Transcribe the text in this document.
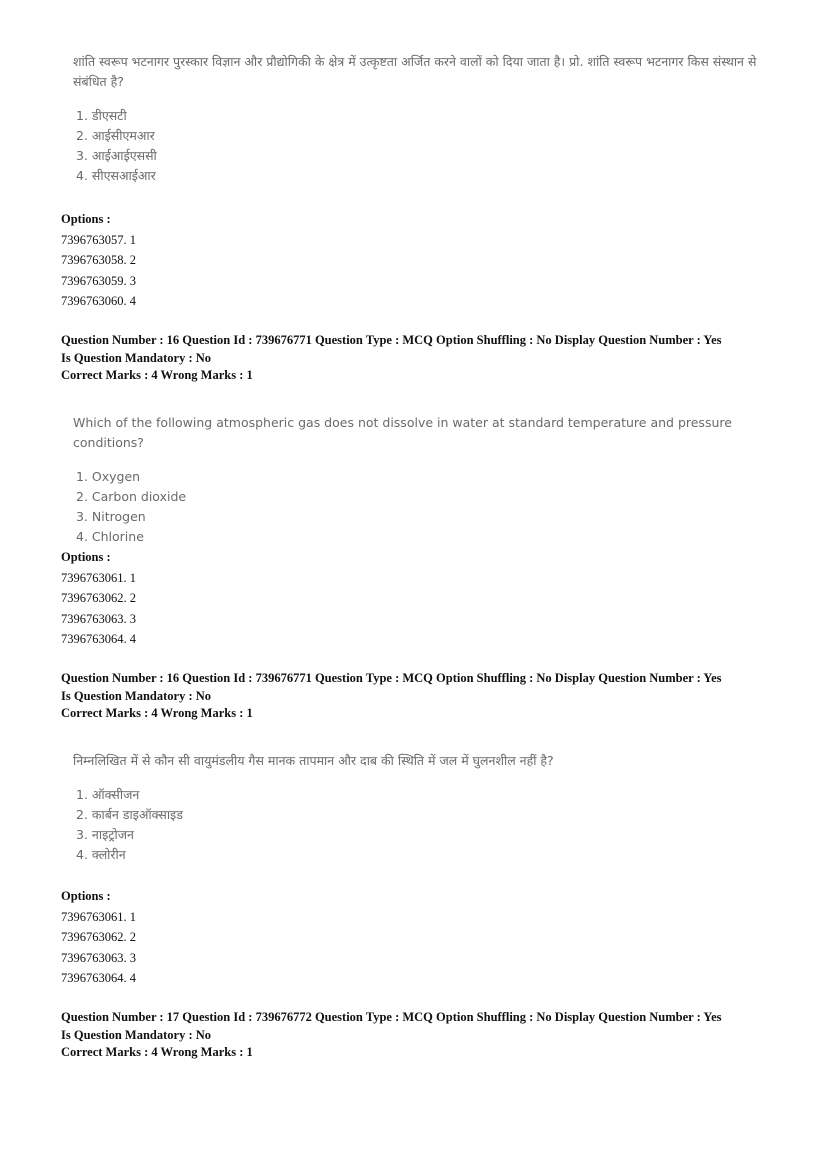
शांति स्वरूप भटनागर पुरस्कार विज्ञान और प्रौद्योगिकी के क्षेत्र में उत्कृष्टता अर्जित करने वालों को दिया जाता है। प्रो. शांति स्वरूप भटनागर किस संस्थान से संबंधित है?

1. डीएसटी
2. आईसीएमआर
3. आईआईएससी
4. सीएसआईआर
Options :
7396763057. 1
7396763058. 2
7396763059. 3
7396763060. 4
Question Number : 16 Question Id : 739676771 Question Type : MCQ Option Shuffling : No Display Question Number : Yes
Is Question Mandatory : No
Correct Marks : 4 Wrong Marks : 1

Which of the following atmospheric gas does not dissolve in water at standard temperature and pressure conditions?

1. Oxygen
2. Carbon dioxide
3. Nitrogen
4. Chlorine
Options :
7396763061. 1
7396763062. 2
7396763063. 3
7396763064. 4
Question Number : 16 Question Id : 739676771 Question Type : MCQ Option Shuffling : No Display Question Number : Yes
Is Question Mandatory : No
Correct Marks : 4 Wrong Marks : 1

निम्नलिखित में से कौन सी वायुमंडलीय गैस मानक तापमान और दाब की स्थिति में जल में घुलनशील नहीं है?

1. ऑक्सीजन
2. कार्बन डाइऑक्साइड
3. नाइट्रोजन
4. क्लोरीन
Options :
7396763061. 1
7396763062. 2
7396763063. 3
7396763064. 4
Question Number : 17 Question Id : 739676772 Question Type : MCQ Option Shuffling : No Display Question Number : Yes
Is Question Mandatory : No
Correct Marks : 4 Wrong Marks : 1
